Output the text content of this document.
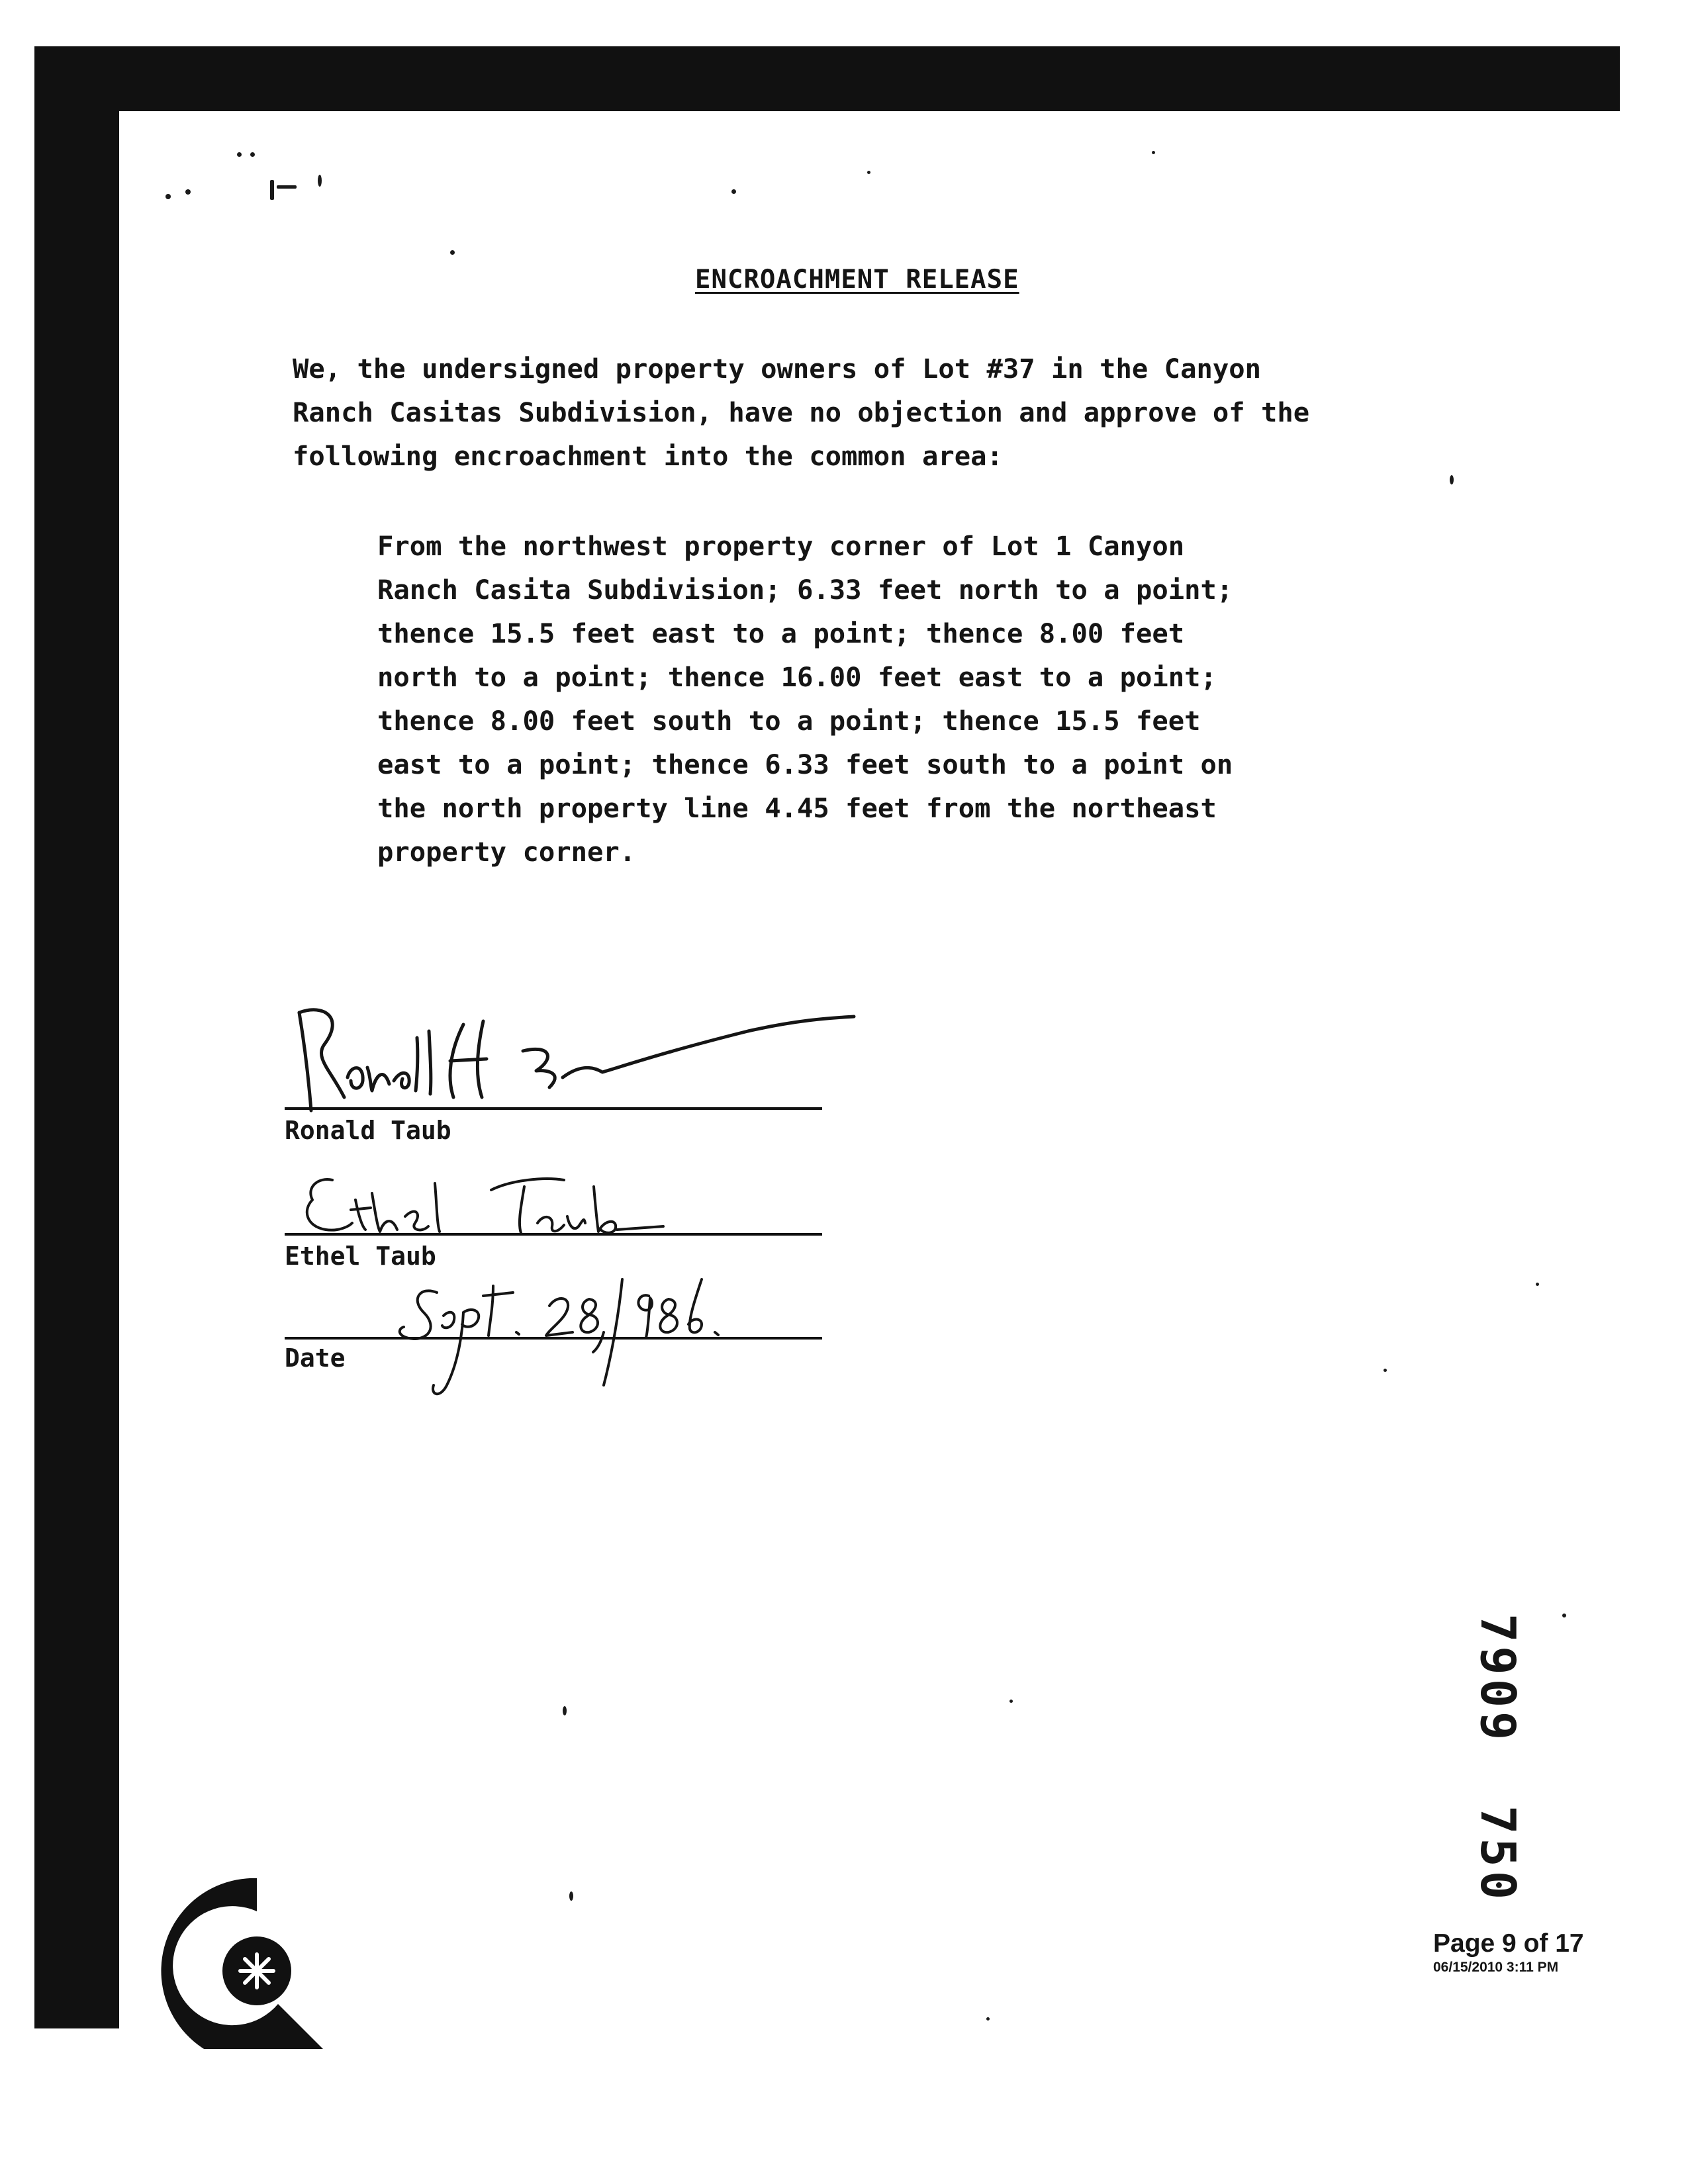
ENCROACHMENT RELEASE
We, the undersigned property owners of Lot #37 in the Canyon
Ranch Casitas Subdivision, have no objection and approve of the
following encroachment into the common area:
From the northwest property corner of Lot 1 Canyon
Ranch Casita Subdivision; 6.33 feet north to a point;
thence 15.5 feet east to a point; thence 8.00 feet
north to a point; thence 16.00 feet east to a point;
thence 8.00 feet south to a point; thence 15.5 feet
east to a point; thence 6.33 feet south to a point on
the north property line 4.45 feet from the northeast
property corner.
Ronald Taub
Ethel Taub
Date
7909
750
Page 9 of 17
06/15/2010 3:11 PM
